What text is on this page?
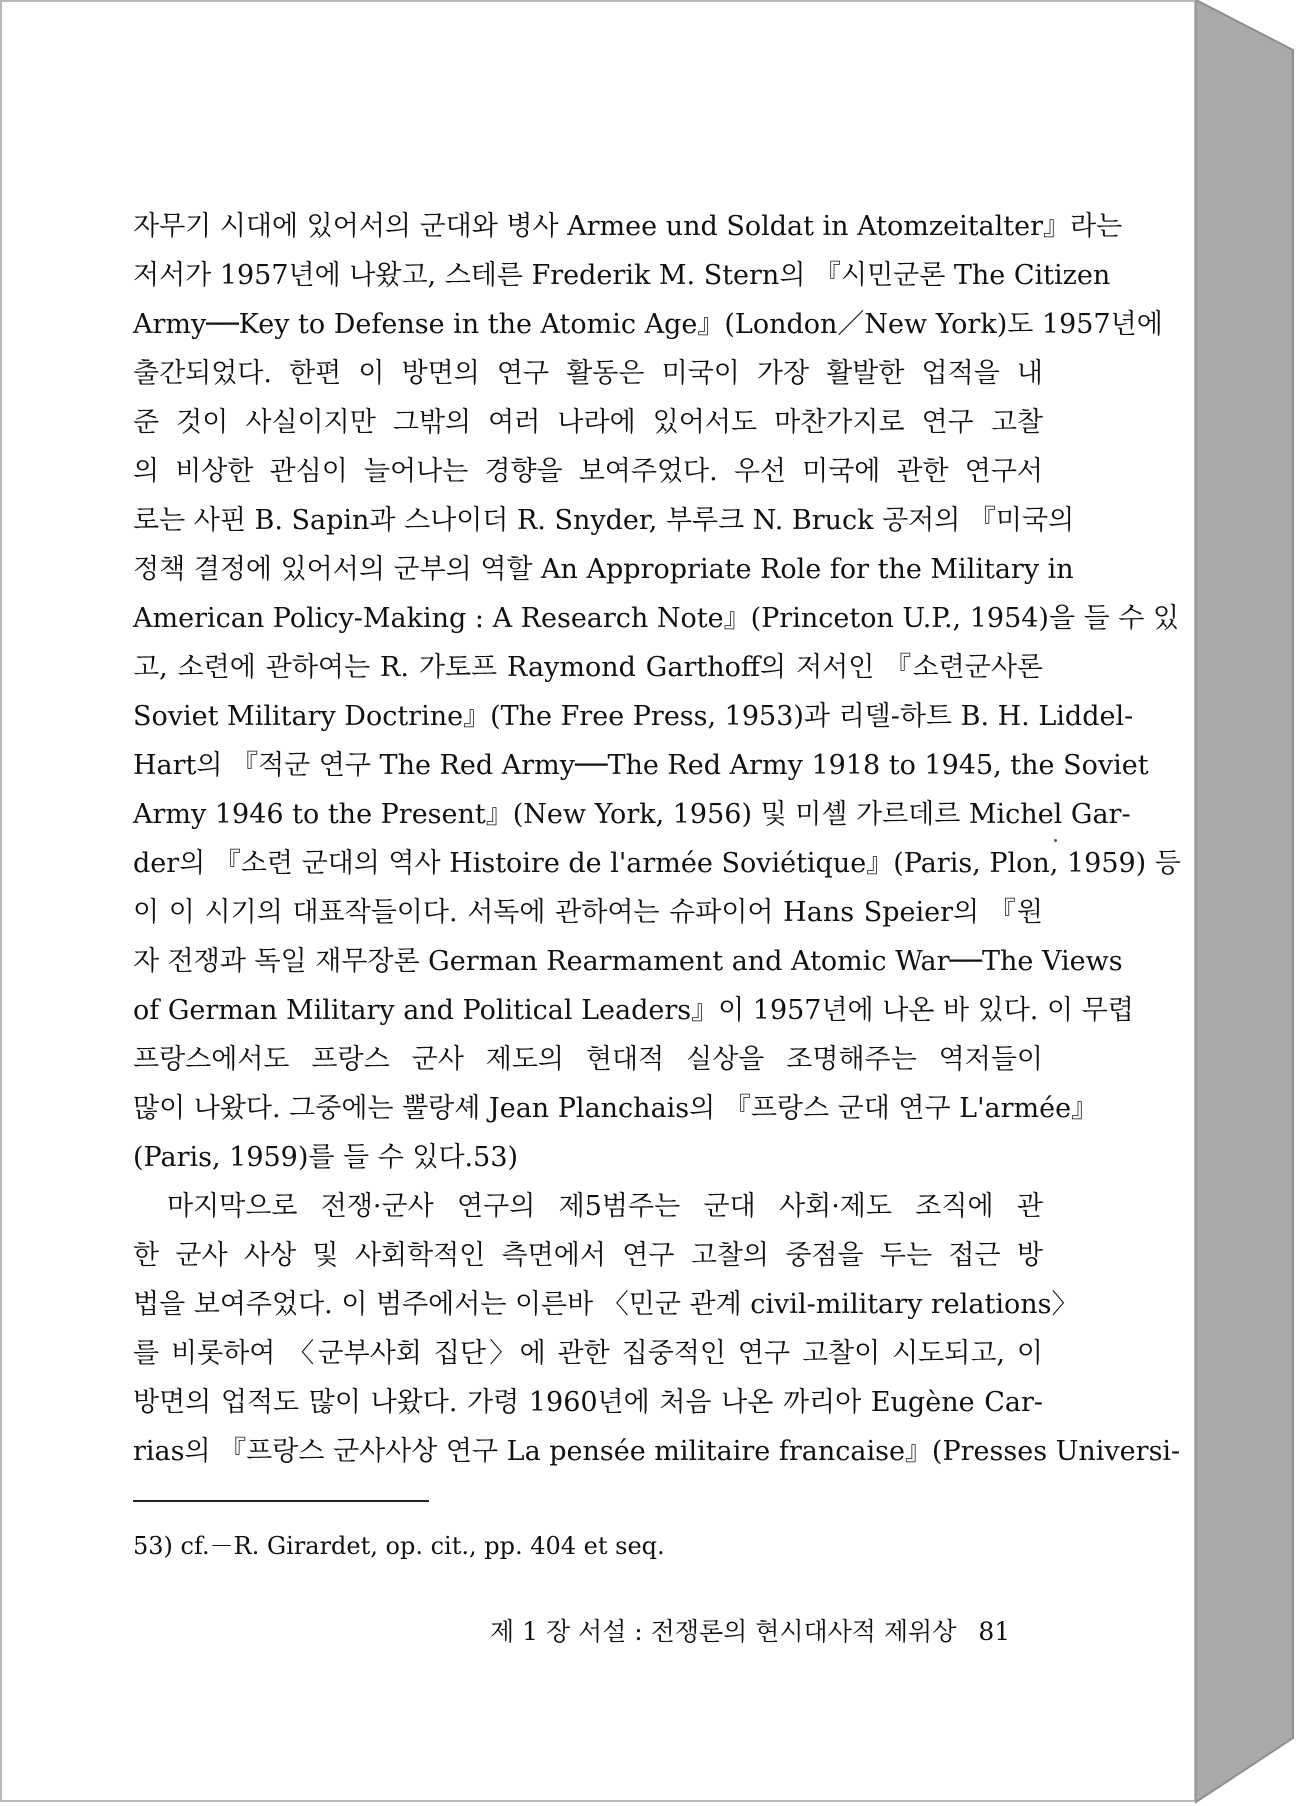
자무기 시대에 있어서의 군대와 병사 Armee und Soldat in Atomzeitalter』라는
저서가 1957년에 나왔고, 스테른 Frederik M. Stern의 『시민군론 The Citizen
Army──Key to Defense in the Atomic Age』(London／New York)도 1957년에
출간되었다. 한편 이 방면의 연구 활동은 미국이 가장 활발한 업적을 내
준 것이 사실이지만 그밖의 여러 나라에 있어서도 마찬가지로 연구 고찰
의 비상한 관심이 늘어나는 경향을 보여주었다. 우선 미국에 관한 연구서
로는 사핀 B. Sapin과 스나이더 R. Snyder, 부루크 N. Bruck 공저의 『미국의
정책 결정에 있어서의 군부의 역할 An Appropriate Role for the Military in
American Policy-Making : A Research Note』(Princeton U.P., 1954)을 들 수 있
고, 소련에 관하여는 R. 가토프 Raymond Garthoff의 저서인 『소련군사론
Soviet Military Doctrine』(The Free Press, 1953)과 리델-하트 B. H. Liddel-
Hart의 『적군 연구 The Red Army──The Red Army 1918 to 1945, the Soviet
Army 1946 to the Present』(New York, 1956) 및 미셸 가르데르 Michel Gar-
der의 『소련 군대의 역사 Histoire de l'armée Soviétique』(Paris, Plon, 1959) 등
이 이 시기의 대표작들이다. 서독에 관하여는 슈파이어 Hans Speier의 『원
자 전쟁과 독일 재무장론 German Rearmament and Atomic War──The Views
of German Military and Political Leaders』이 1957년에 나온 바 있다. 이 무렵
프랑스에서도 프랑스 군사 제도의 현대적 실상을 조명해주는 역저들이
많이 나왔다. 그중에는 뿔랑셰 Jean Planchais의 『프랑스 군대 연구 L'armée』
(Paris, 1959)를 들 수 있다.53)
마지막으로 전쟁·군사 연구의 제5범주는 군대 사회·제도 조직에 관
한 군사 사상 및 사회학적인 측면에서 연구 고찰의 중점을 두는 접근 방
법을 보여주었다. 이 범주에서는 이른바 〈민군 관계 civil-military relations〉
를 비롯하여 〈군부사회 집단〉에 관한 집중적인 연구 고찰이 시도되고, 이
방면의 업적도 많이 나왔다. 가령 1960년에 처음 나온 까리아 Eugène Car-
rias의 『프랑스 군사사상 연구 La pensée militaire francaise』(Presses Universi-
53) cf.－R. Girardet, op. cit., pp. 404 et seq.
제 1 장 서설 : 전쟁론의 현시대사적 제위상 81
